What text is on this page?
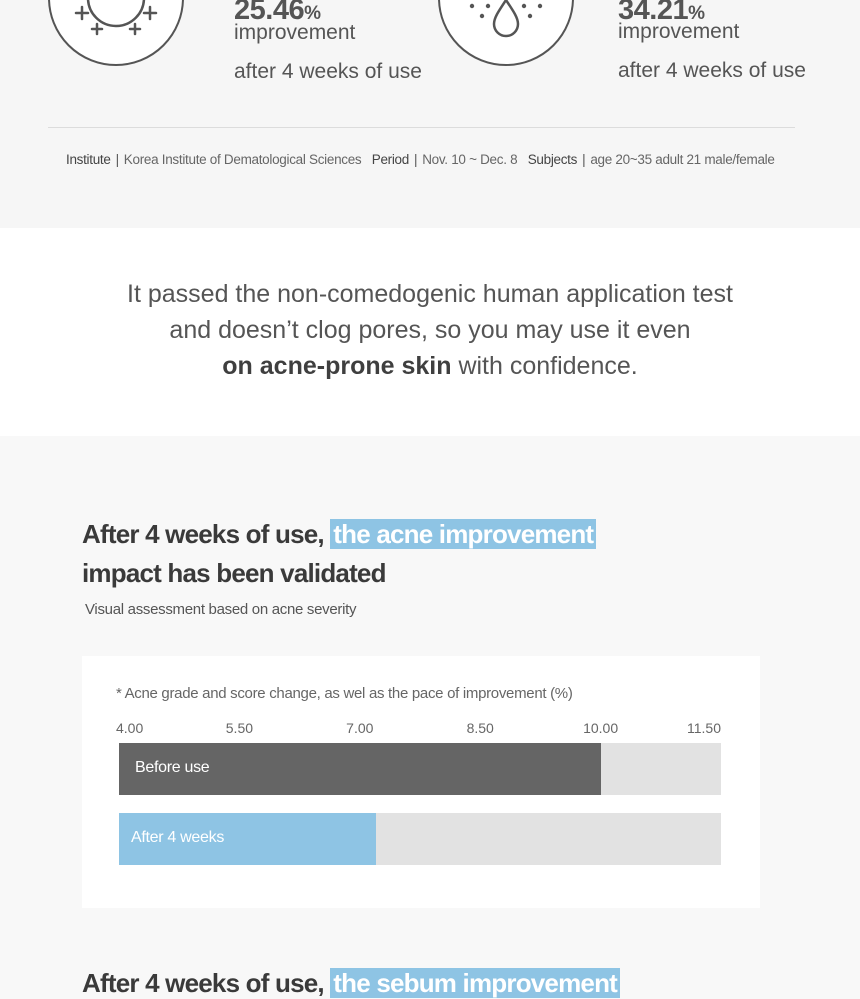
25.46%
improvement
after 4 weeks of use
34.21%
improvement
after 4 weeks of use
Institute | Korea Institute of Dematological Sciences Period | Nov. 10 ~ Dec. 8 Subjects | age 20~35 adult 21 male/female
It passed the non-comedogenic human application test
and doesn’t clog pores, so you may use it even
on acne-prone skin with confidence.
After 4 weeks of use, the acne improvement
impact has been validated
Visual assessment based on acne severity
* Acne grade and score change, as wel as the pace of improvement (%)
4.00	5.50	7.00	8.50	10.00	11.50
Before use
After 4 weeks
After 4 weeks of use, the sebum improvement
